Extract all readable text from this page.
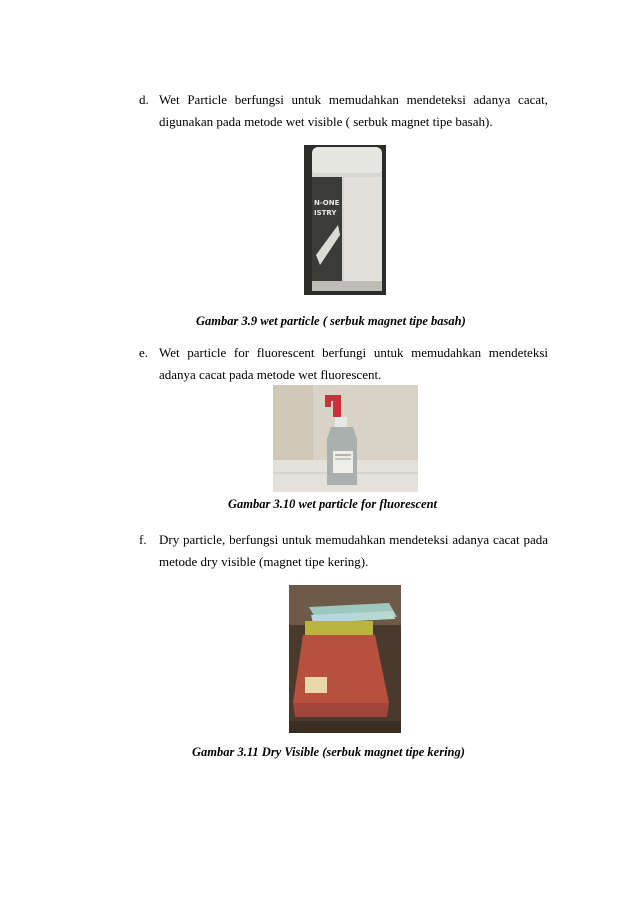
d. Wet Particle berfungsi untuk memudahkan mendeteksi adanya cacat,
digunakan pada metode wet visible ( serbuk magnet tipe basah).
N-ONE
ISTRY
Gambar 3.9 wet particle ( serbuk magnet tipe basah)
e. Wet particle for fluorescent berfungi untuk memudahkan mendeteksi
adanya cacat pada metode wet fluorescent.
Gambar 3.10 wet particle for fluorescent
f. Dry particle, berfungsi untuk memudahkan mendeteksi adanya cacat pada
metode dry visible (magnet tipe kering).
Gambar 3.11 Dry Visible (serbuk magnet tipe kering)
